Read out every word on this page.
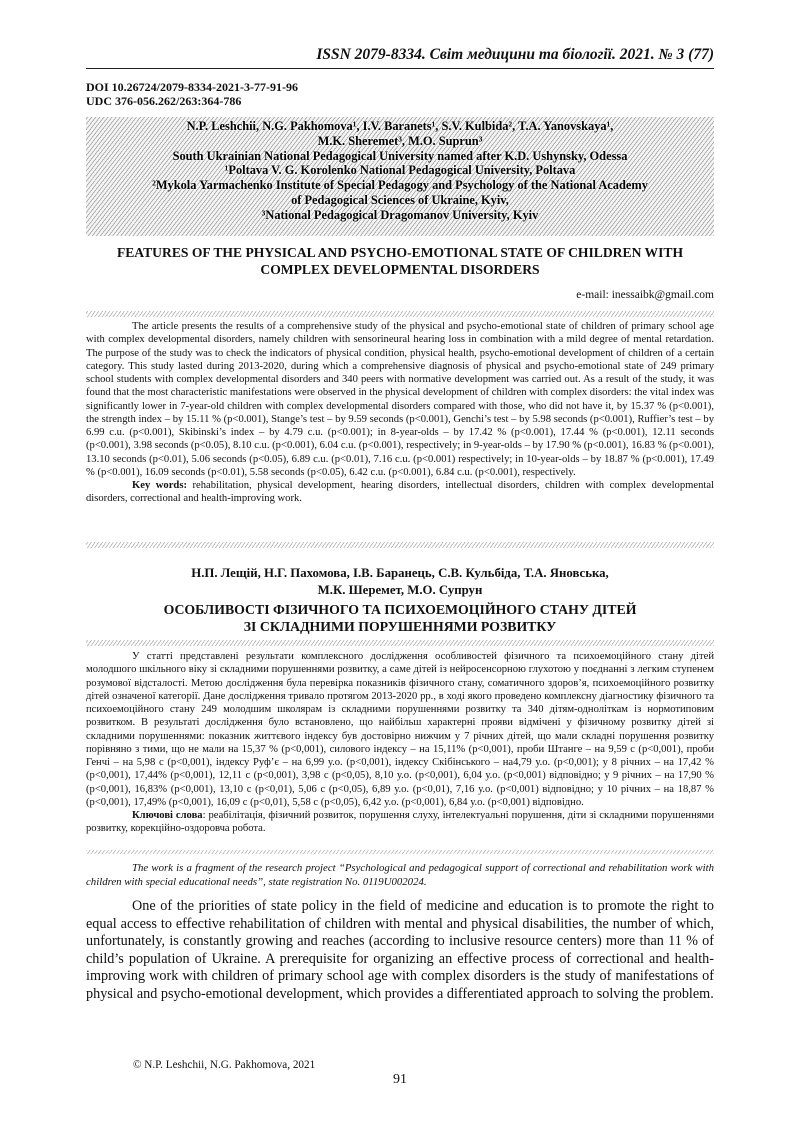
ISSN 2079-8334. Світ медицини та біології. 2021. № 3 (77)
DOI 10.26724/2079-8334-2021-3-77-91-96
UDC 376-056.262/263:364-786
N.P. Leshchii, N.G. Pakhomova¹, I.V. Baranets¹, S.V. Kulbida², T.A. Yanovskaya¹,
M.K. Sheremet³, M.O. Suprun³
South Ukrainian National Pedagogical University named after K.D. Ushynsky, Odessa
¹Poltava V. G. Korolenko National Pedagogical University, Poltava
²Mykola Yarmachenko Institute of Special Pedagogy and Psychology of the National Academy
of Pedagogical Sciences of Ukraine, Kyiv,
³National Pedagogical Dragomanov University, Kyiv
FEATURES OF THE PHYSICAL AND PSYCHO-EMOTIONAL STATE OF CHILDREN WITH
COMPLEX DEVELOPMENTAL DISORDERS
e-mail: inessaibk@gmail.com

The article presents the results of a comprehensive study of the physical and psycho-emotional state of children of primary school age with complex developmental disorders, namely children with sensorineural hearing loss in combination with a mild degree of mental retardation. The purpose of the study was to check the indicators of physical condition, physical health, psycho-emotional development of children of a certain category. This study lasted during 2013-2020, during which a comprehensive diagnosis of physical and psycho-emotional state of 249 primary school students with complex developmental disorders and 340 peers with normative development was carried out. As a result of the study, it was found that the most characteristic manifestations were observed in the physical development of children with complex disorders: the vital index was significantly lower in 7-year-old children with complex developmental disorders compared with those, who did not have it, by 15.37 % (p<0.001), the strength index – by 15.11 % (p<0.001), Stange’s test – by 9.59 seconds (p<0.001), Genchi’s test – by 5.98 seconds (p<0.001), Ruffier’s test – by 6.99 c.u. (p<0.001), Skibinski’s index – by 4.79 c.u. (p<0.001); in 8-year-olds – by 17.42 % (p<0.001), 17.44 % (p<0.001), 12.11 seconds (p<0.001), 3.98 seconds (p<0.05), 8.10 c.u. (p<0.001), 6.04 c.u. (p<0.001), respectively; in 9-year-olds – by 17.90 % (p<0.001), 16.83 % (p<0.001), 13.10 seconds (p<0.01), 5.06 seconds (p<0.05), 6.89 c.u. (p<0.01), 7.16 c.u. (p<0.001) respectively; in 10-year-olds – by 18.87 % (p<0.001), 17.49 % (p<0.001), 16.09 seconds (p<0.01), 5.58 seconds (p<0.05), 6.42 c.u. (p<0.001), 6.84 c.u. (p<0.001), respectively.

Key words: rehabilitation, physical development, hearing disorders, intellectual disorders, children with complex developmental disorders, correctional and health-improving work.

Н.П. Лещій, Н.Г. Пахомова, І.В. Баранець, С.В. Кульбіда, Т.А. Яновська,
М.К. Шеремет, М.О. Супрун
ОСОБЛИВОСТІ ФІЗИЧНОГО ТА ПСИХОЕМОЦІЙНОГО СТАНУ ДІТЕЙ
ЗІ СКЛАДНИМИ ПОРУШЕННЯМИ РОЗВИТКУ

У статті представлені результати комплексного дослідження особливостей фізичного та психоемоційного стану дітей молодшого шкільного віку зі складними порушеннями розвитку, а саме дітей із нейросенсорною глухотою у поєднанні з легким ступенем розумової відсталості. Метою дослідження була перевірка показників фізичного стану, соматичного здоров’я, психоемоційного розвитку дітей означеної категорії. Дане дослідження тривало протягом 2013-2020 рр., в ході якого проведено комплексну діагностику фізичного та психоемоційного стану 249 молодшим школярам із складними порушеннями розвитку та 340 дітям-одноліткам із нормотиповим розвитком. В результаті дослідження було встановлено, що найбільш характерні прояви відмічені у фізичному розвитку дітей зі складними порушеннями: показник життєвого індексу був достовірно нижчим у 7 річних дітей, що мали складні порушення розвитку порівняно з тими, що не мали на 15,37 % (р<0,001), силового індексу – на 15,11% (р<0,001), проби Штанге – на 9,59 с (р<0,001), проби Генчі – на 5,98 с (р<0,001), індексу Руф’є – на 6,99 у.о. (р<0,001), індексу Скібінського – на4,79 у.о. (р<0,001); у 8 річних – на 17,42 %(р<0,001), 17,44% (р<0,001), 12,11 с (р<0,001), 3,98 с (р<0,05), 8,10 у.о. (р<0,001), 6,04 у.о. (р<0,001) відповідно; у 9 річних – на 17,90 % (р<0,001), 16,83% (р<0,001), 13,10 с (р<0,01), 5,06 с (р<0,05), 6,89 у.о. (р<0,01), 7,16 у.о. (р<0,001) відповідно; у 10 річних – на 18,87 % (р<0,001), 17,49% (р<0,001), 16,09 с (р<0,01), 5,58 с (р<0,05), 6,42 у.о. (р<0,001), 6,84 у.о. (р<0,001) відповідно.

Ключові слова: реабілітація, фізичний розвиток, порушення слуху, інтелектуальні порушення, діти зі складними порушеннями розвитку, корекційно-оздоровча робота.

The work is a fragment of the research project “Psychological and pedagogical support of correctional and rehabilitation work with children with special educational needs”, state registration No. 0119U002024.

One of the priorities of state policy in the field of medicine and education is to promote the right to equal access to effective rehabilitation of children with mental and physical disabilities, the number of which, unfortunately, is constantly growing and reaches (according to inclusive resource centers) more than 11 % of child’s population of Ukraine. A prerequisite for organizing an effective process of correctional and health-improving work with children of primary school age with complex disorders is the study of manifestations of physical and psycho-emotional development, which provides a differentiated approach to solving the problem.

© N.P. Leshchii, N.G. Pakhomova, 2021
91
